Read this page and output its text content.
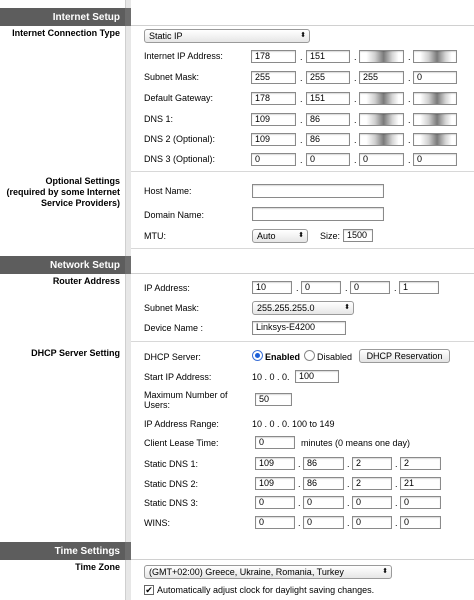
Internet Setup
Internet Connection Type	Static IP	⬍
Internet IP Address:	178	. 151	.	.
Subnet Mask:	255	. 255	. 255	. 0
Default Gateway:	178	. 151	.	.
DNS 1:	109	. 86	.	.
DNS 2 (Optional):	109	. 86	.	.
DNS 3 (Optional):	0	. 0	. 0	. 0
Optional Settings
(required by some Internet
Service Providers)
Host Name:
Domain Name:
MTU:	Auto	⬍ Size: 1500
Network Setup
Router Address
IP Address:	10	. 0	. 0	. 1
Subnet Mask:	255.255.255.0	⬍
Device Name :	Linksys-E4200
DHCP Server Setting	DHCP Server:	Enabled Disabled	DHCP Reservation
Start IP Address:	10 . 0 . 0.	100
Maximum Number of
Users:
50
IP Address Range:	10 . 0 . 0. 100 to 149
Client Lease Time:	0	minutes (0 means one day)
Static DNS 1:	109	. 86	. 2	. 2
Static DNS 2:	109	. 86	. 2	. 21
Static DNS 3:	0	. 0	. 0	. 0
WINS:	0	. 0	. 0	. 0
Time Settings
Time Zone	(GMT+02:00) Greece, Ukraine, Romania, Turkey	⬍
✔ Automatically adjust clock for daylight saving changes.
